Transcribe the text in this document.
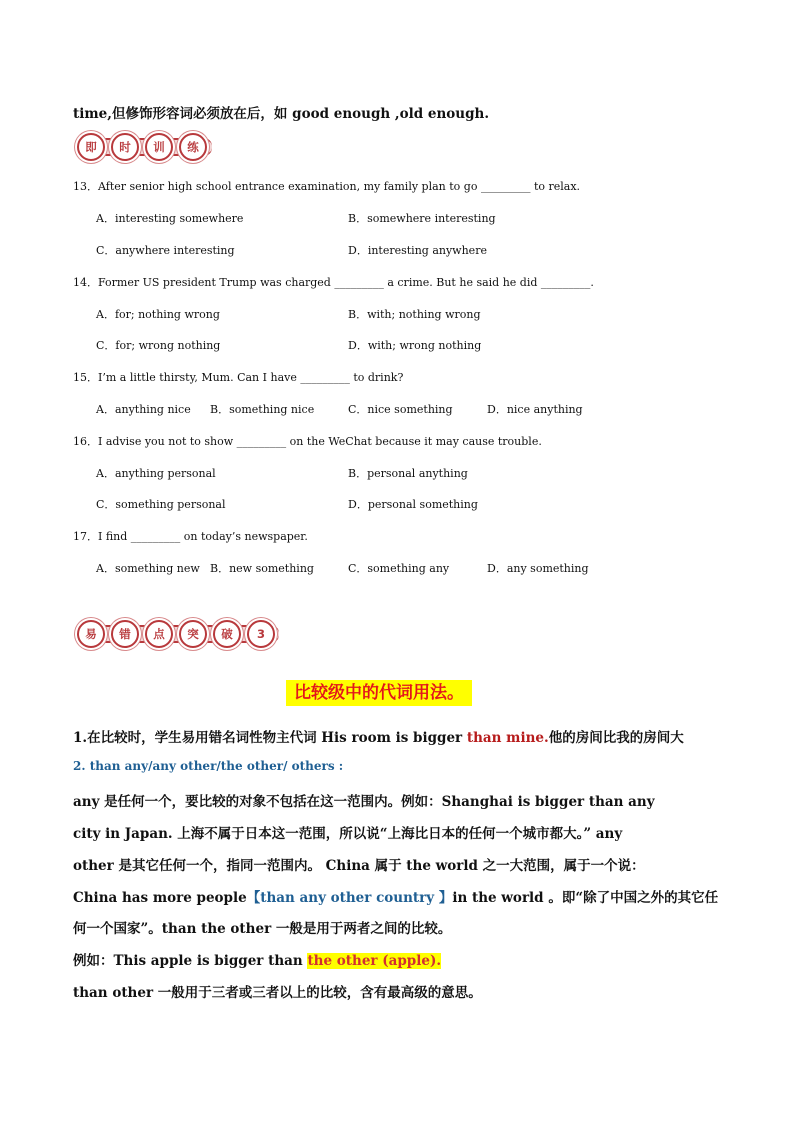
time,但修饰形容词必须放在后，如 good enough ,old enough.
即	时	训	练
13．After senior high school entrance examination, my family plan to go _________ to relax.
A．interesting somewhere	B．somewhere interesting
C．anywhere interesting	D．interesting anywhere
14．Former US president Trump was charged _________ a crime. But he said he did _________.
A．for; nothing wrong	B．with; nothing wrong
C．for; wrong nothing	D．with; wrong nothing
15．I’m a little thirsty, Mum. Can I have _________ to drink?
A．anything nice B．something nice	C．nice something	D．nice anything
16．I advise you not to show _________ on the WeChat because it may cause trouble.
A．anything personal	B．personal anything
C．something personal	D．personal something
17．I find _________ on today’s newspaper.
A．something new B．new something	C．something any	D．any something
易	错	点	突	破	3
比较级中的代词用法。
1.在比较时，学生易用错名词性物主代词 His room is bigger than mine.他的房间比我的房间大
2. than any/any other/the other/ others :
any 是任何一个，要比较的对象不包括在这一范围内。例如：Shanghai is bigger than any
city in Japan. 上海不属于日本这一范围，所以说“上海比日本的任何一个城市都大。” any
other 是其它任何一个，指同一范围内。 China 属于 the world 之一大范围，属于一个说：
China has more people【than any other country 】in the world 。即“除了中国之外的其它任
何一个国家”。than the other 一般是用于两者之间的比较。
例如：This apple is bigger than the other (apple).
than other 一般用于三者或三者以上的比较，含有最高级的意思。
